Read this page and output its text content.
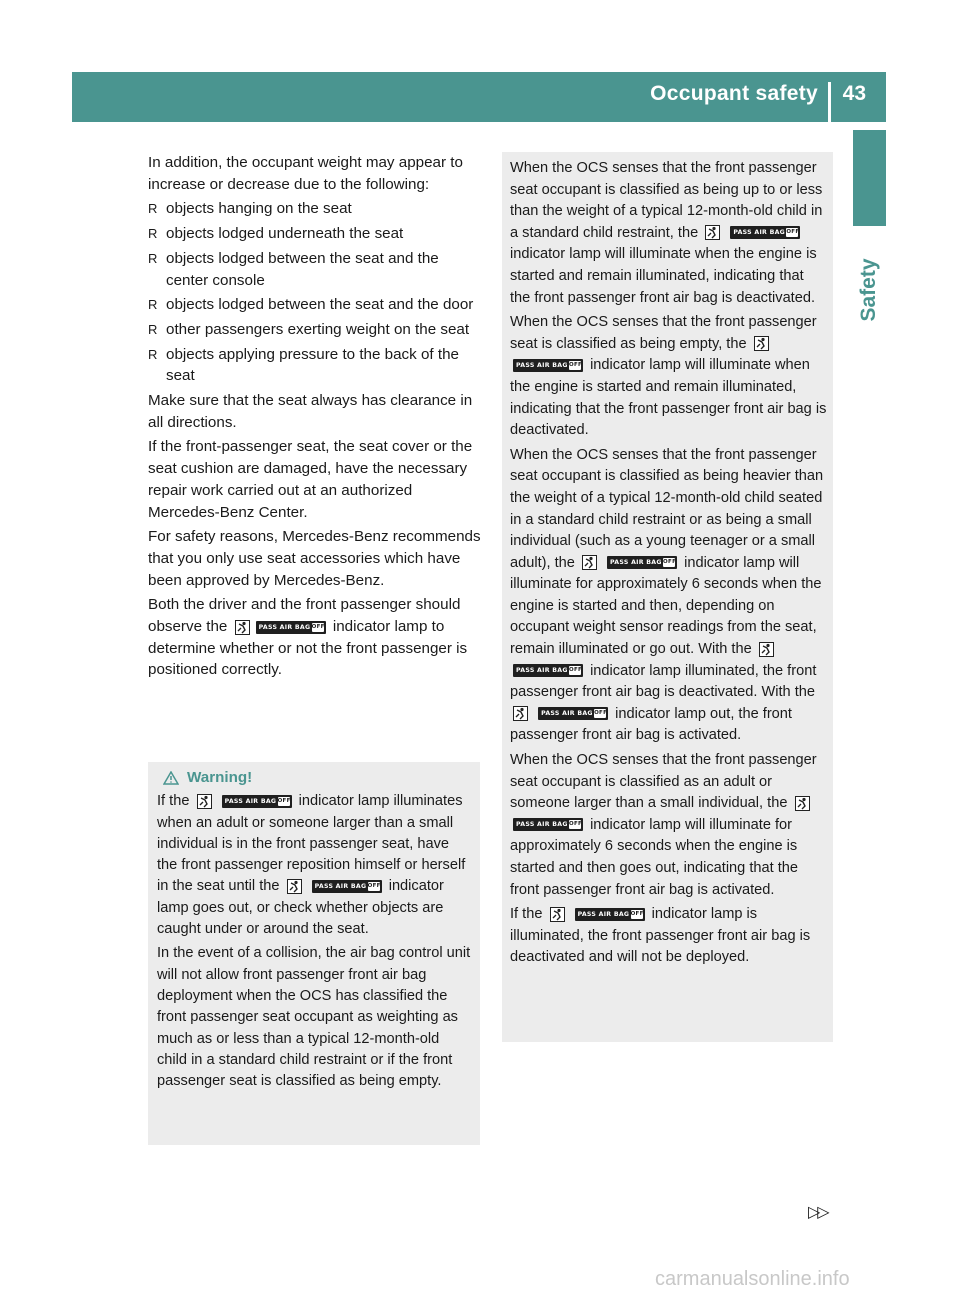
Occupant safety 43
Safety

In addition, the occupant weight may appear to increase or decrease due to the following:

R objects hanging on the seat
R objects lodged underneath the seat
R objects lodged between the seat and the center console
R objects lodged between the seat and the door
R other passengers exerting weight on the seat
R objects applying pressure to the back of the seat

Make sure that the seat always has clearance in all directions.

If the front-passenger seat, the seat cover or the seat cushion are damaged, have the necessary repair work carried out at an authorized Mercedes-Benz Center.

For safety reasons, Mercedes-Benz recommends that you only use seat accessories which have been approved by Mercedes-Benz.

Both the driver and the front passenger should observe the	PASS AIR BAG OFF indicator lamp to determine whether or not the front passenger is positioned correctly.

Warning!

If the	PASS AIR BAG OFF indicator lamp illuminates when an adult or someone larger than a small individual is in the front passenger seat, have the front passenger reposition himself or herself in the seat until the	PASS AIR BAG OFF indicator lamp goes out, or check whether objects are caught under or around the seat.

In the event of a collision, the air bag control unit will not allow front passenger front air bag deployment when the OCS has classified the front passenger seat occupant as weighting as much as or less than a typical 12-month-old child in a standard child restraint or if the front passenger seat is classified as being empty.

When the OCS senses that the front passenger seat occupant is classified as being up to or less than the weight of a typical 12-month-old child in a standard child restraint, the	PASS AIR BAG OFF
indicator lamp will illuminate when the engine is started and remain illuminated, indicating that the front passenger front air bag is deactivated.

When the OCS senses that the front passenger seat is classified as being empty, the
PASS AIR BAG OFF indicator lamp will illuminate when the engine is started and remain illuminated, indicating that the front passenger front air bag is deactivated.

When the OCS senses that the front passenger seat occupant is classified as being heavier than the weight of a typical 12-month-old child seated in a standard child restraint or as being a small individual (such as a young teenager or a small adult), the	PASS AIR BAG OFF indicator lamp will illuminate for approximately 6 seconds when the engine is started and then, depending on occupant weight sensor readings from the seat, remain illuminated or go out. With the
PASS AIR BAG OFF indicator lamp illuminated, the front passenger front air bag is deactivated. With the
PASS AIR BAG OFF indicator lamp out, the front passenger front air bag is activated.

When the OCS senses that the front passenger seat occupant is classified as an adult or someone larger than a small individual, the
PASS AIR BAG OFF indicator lamp will illuminate for approximately 6 seconds when the engine is started and then goes out, indicating that the front passenger front air bag is activated.

If the	PASS AIR BAG OFF indicator lamp is illuminated, the front passenger front air bag is deactivated and will not be deployed.

▷▷
carmanualsonline.info
